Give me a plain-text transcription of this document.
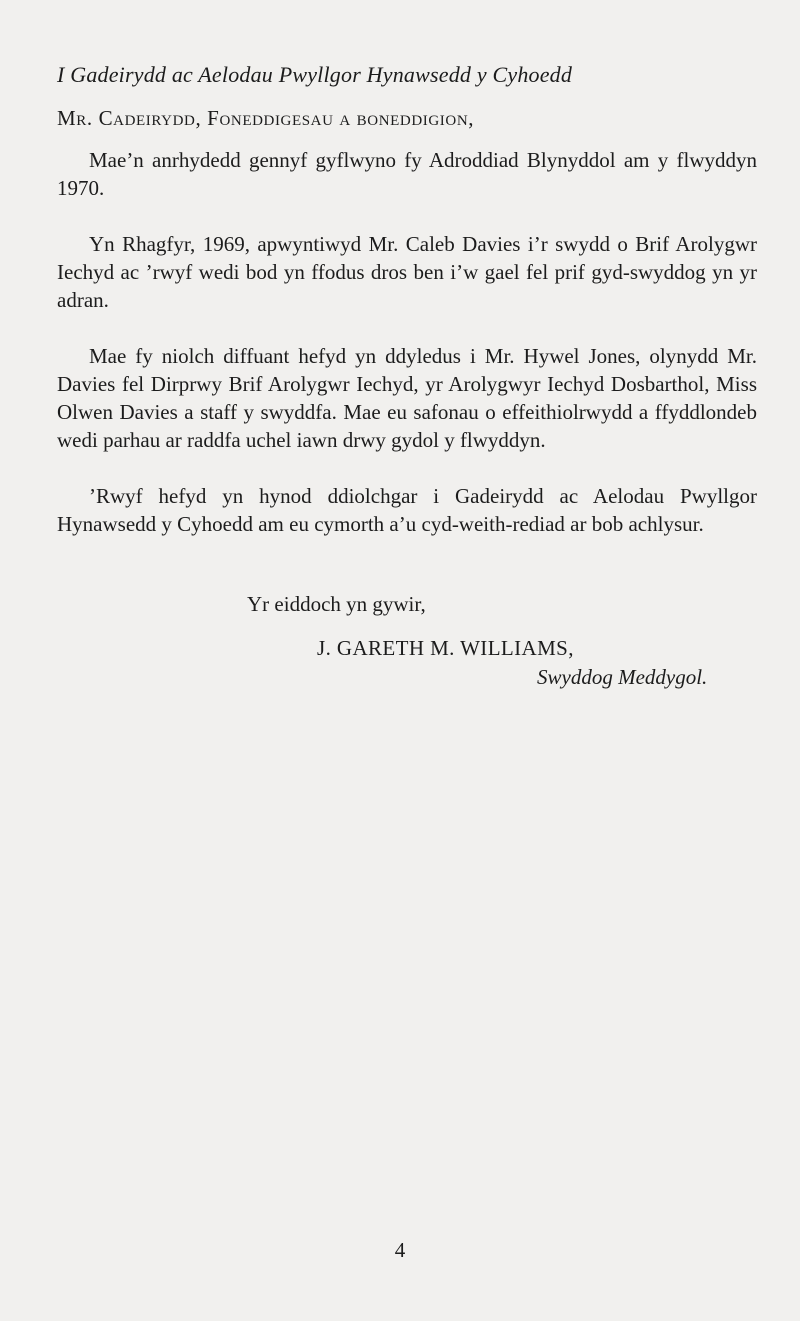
I Gadeirydd ac Aelodau Pwyllgor Hynawsedd y Cyhoedd
Mr. Cadeirydd, Foneddigesau a boneddigion,

Mae’n anrhydedd gennyf gyflwyno fy Adroddiad Blynyddol am y flwyddyn 1970.

Yn Rhagfyr, 1969, apwyntiwyd Mr. Caleb Davies i’r swydd o Brif Arolygwr Iechyd ac ’rwyf wedi bod yn ffodus dros ben i’w gael fel prif gyd-swyddog yn yr adran.

Mae fy niolch diffuant hefyd yn ddyledus i Mr. Hywel Jones, olynydd Mr. Davies fel Dirprwy Brif Arolygwr Iechyd, yr Arolygwyr Iechyd Dosbarthol, Miss Olwen Davies a staff y swyddfa. Mae eu safonau o effeithiolrwydd a ffyddlondeb wedi parhau ar raddfa uchel iawn drwy gydol y flwyddyn.

’Rwyf hefyd yn hynod ddiolchgar i Gadeirydd ac Aelodau Pwyllgor Hynawsedd y Cyhoedd am eu cymorth a’u cyd-weith-rediad ar bob achlysur.

Yr eiddoch yn gywir,
J. GARETH M. WILLIAMS,
Swyddog Meddygol.
4
